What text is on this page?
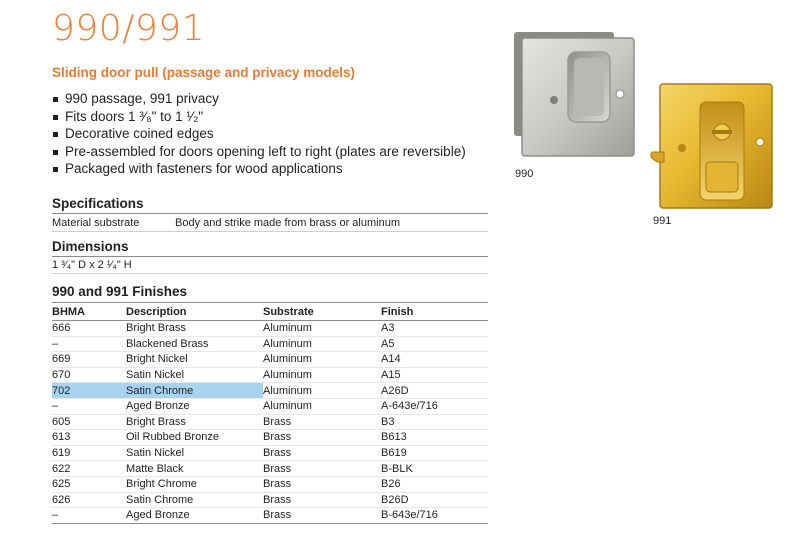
990/991
Sliding door pull (passage and privacy models)
990 passage, 991 privacy
Fits doors 1 ³⁄₈" to 1 ¹⁄₂"
Decorative coined edges
Pre-assembled for doors opening left to right (plates are reversible)
Packaged with fasteners for wood applications
Specifications
Material substrate	Body and strike made from brass or aluminum
Dimensions
1 ³⁄₄" D x 2 ¹⁄₄" H
990 and 991 Finishes
BHMA	Description	Substrate	Finish
666	Bright Brass	Aluminum	A3
–	Blackened Brass	Aluminum	A5
669	Bright Nickel	Aluminum	A14
670	Satin Nickel	Aluminum	A15
702	Satin Chrome	Aluminum	A26D
–	Aged Bronze	Aluminum	A-643e/716
605	Bright Brass	Brass	B3
613	Oil Rubbed Bronze	Brass	B613
619	Satin Nickel	Brass	B619
622	Matte Black	Brass	B-BLK
625	Bright Chrome	Brass	B26
626	Satin Chrome	Brass	B26D
–	Aged Bronze	Brass	B-643e/716
990
991
